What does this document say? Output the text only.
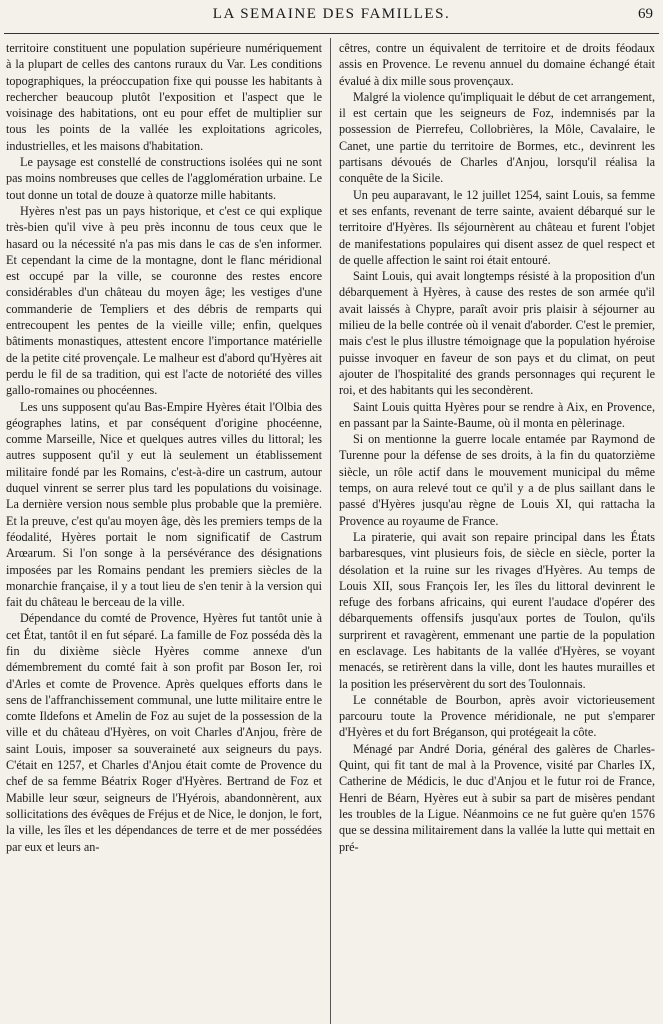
LA SEMAINE DES FAMILLES.	69

territoire constituent une population supérieure numériquement à la plupart de celles des cantons ruraux du Var. Les conditions topographiques, la préoccupation fixe qui pousse les habitants à rechercher beaucoup plutôt l'exposition et l'aspect que le voisinage des habitations, ont eu pour effet de multiplier sur tous les points de la vallée les exploitations agricoles, industrielles, et les maisons d'habitation.

Le paysage est constellé de constructions isolées qui ne sont pas moins nombreuses que celles de l'agglomération urbaine. Le tout donne un total de douze à quatorze mille habitants.

Hyères n'est pas un pays historique, et c'est ce qui explique très-bien qu'il vive à peu près inconnu de tous ceux que le hasard ou la nécessité n'a pas mis dans le cas de s'en informer. Et cependant la cime de la montagne, dont le flanc méridional est occupé par la ville, se couronne des restes encore considérables d'un château du moyen âge; les vestiges d'une commanderie de Templiers et des débris de remparts qui entrecoupent les pentes de la vieille ville; enfin, quelques bâtiments monastiques, attestent encore l'importance matérielle de la petite cité provençale. Le malheur est d'abord qu'Hyères ait perdu le fil de sa tradition, qui est l'acte de notoriété des villes gallo-romaines ou phocéennes.

Les uns supposent qu'au Bas-Empire Hyères était l'Olbia des géographes latins, et par conséquent d'origine phocéenne, comme Marseille, Nice et quelques autres villes du littoral; les autres supposent qu'il y eut là seulement un établissement militaire fondé par les Romains, c'est-à-dire un castrum, autour duquel vinrent se serrer plus tard les populations du voisinage. La dernière version nous semble plus probable que la première. Et la preuve, c'est qu'au moyen âge, dès les premiers temps de la féodalité, Hyères portait le nom significatif de Castrum Arœarum. Si l'on songe à la persévérance des désignations imposées par les Romains pendant les premiers siècles de la monarchie française, il y a tout lieu de s'en tenir à la version qui fait du château le berceau de la ville.

Dépendance du comté de Provence, Hyères fut tantôt unie à cet État, tantôt il en fut séparé. La famille de Foz posséda dès la fin du dixième siècle Hyères comme annexe d'un démembrement du comté fait à son profit par Boson Ier, roi d'Arles et comte de Provence. Après quelques efforts dans le sens de l'affranchissement communal, une lutte militaire entre le comte Ildefons et Amelin de Foz au sujet de la possession de la ville et du château d'Hyères, on voit Charles d'Anjou, frère de saint Louis, imposer sa souveraineté aux seigneurs du pays. C'était en 1257, et Charles d'Anjou était comte de Provence du chef de sa femme Béatrix Roger d'Hyères. Bertrand de Foz et Mabille leur sœur, seigneurs de l'Hyérois, abandonnèrent, aux sollicitations des évêques de Fréjus et de Nice, le donjon, le fort, la ville, les îles et les dépendances de terre et de mer possédées par eux et leurs an-

cêtres, contre un équivalent de territoire et de droits féodaux assis en Provence. Le revenu annuel du domaine échangé était évalué à dix mille sous provençaux.

Malgré la violence qu'impliquait le début de cet arrangement, il est certain que les seigneurs de Foz, indemnisés par la possession de Pierrefeu, Collobrières, la Môle, Cavalaire, le Canet, une partie du territoire de Bormes, etc., devinrent les partisans dévoués de Charles d'Anjou, lorsqu'il réalisa la conquête de la Sicile.

Un peu auparavant, le 12 juillet 1254, saint Louis, sa femme et ses enfants, revenant de terre sainte, avaient débarqué sur le territoire d'Hyères. Ils séjournèrent au château et furent l'objet de manifestations populaires qui disent assez de quel respect et de quelle affection le saint roi était entouré.

Saint Louis, qui avait longtemps résisté à la proposition d'un débarquement à Hyères, à cause des restes de son armée qu'il avait laissés à Chypre, paraît avoir pris plaisir à séjourner au milieu de la belle contrée où il venait d'aborder. C'est le premier, mais c'est le plus illustre témoignage que la population hyéroise puisse invoquer en faveur de son pays et du climat, on peut ajouter de l'hospitalité des grands personnages qui reçurent le roi, et des habitants qui les secondèrent.

Saint Louis quitta Hyères pour se rendre à Aix, en Provence, en passant par la Sainte-Baume, où il monta en pèlerinage.

Si on mentionne la guerre locale entamée par Raymond de Turenne pour la défense de ses droits, à la fin du quatorzième siècle, un rôle actif dans le mouvement municipal du même temps, on aura relevé tout ce qu'il y a de plus saillant dans le passé d'Hyères jusqu'au règne de Louis XI, qui rattacha la Provence au royaume de France.

La piraterie, qui avait son repaire principal dans les États barbaresques, vint plusieurs fois, de siècle en siècle, porter la désolation et la ruine sur les rivages d'Hyères. Au temps de Louis XII, sous François Ier, les îles du littoral devinrent le refuge des forbans africains, qui eurent l'audace d'opérer des débarquements offensifs jusqu'aux portes de Toulon, qu'ils surprirent et ravagèrent, emmenant une partie de la population en esclavage. Les habitants de la vallée d'Hyères, se voyant menacés, se retirèrent dans la ville, dont les hautes murailles et la position les préservèrent du sort des Toulonnais.

Le connétable de Bourbon, après avoir victorieusement parcouru toute la Provence méridionale, ne put s'emparer d'Hyères et du fort Bréganson, qui protégeait la côte.

Ménagé par André Doria, général des galères de Charles-Quint, qui fit tant de mal à la Provence, visité par Charles IX, Catherine de Médicis, le duc d'Anjou et le futur roi de France, Henri de Béarn, Hyères eut à subir sa part de misères pendant les troubles de la Ligue. Néanmoins ce ne fut guère qu'en 1576 que se dessina militairement dans la vallée la lutte qui mettait en pré-
